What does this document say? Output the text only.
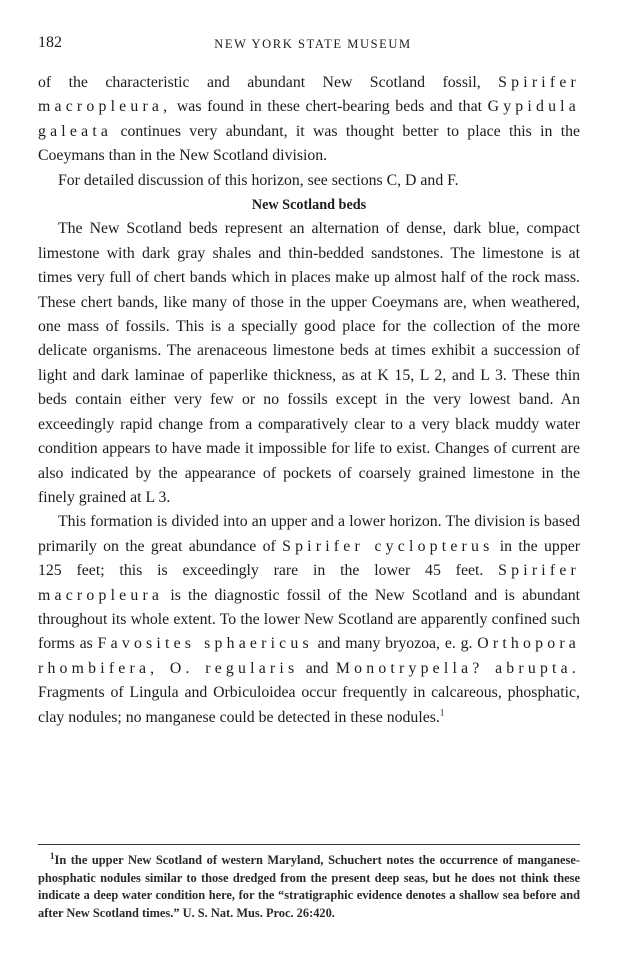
182	NEW YORK STATE MUSEUM

of the characteristic and abundant New Scotland fossil, Spirifer macropleura, was found in these chert-bearing beds and that Gypidula galeata continues very abundant, it was thought better to place this in the Coeymans than in the New Scotland division.

For detailed discussion of this horizon, see sections C, D and F.

New Scotland beds

The New Scotland beds represent an alternation of dense, dark blue, compact limestone with dark gray shales and thin-bedded sandstones. The limestone is at times very full of chert bands which in places make up almost half of the rock mass. These chert bands, like many of those in the upper Coeymans are, when weathered, one mass of fossils. This is a specially good place for the collection of the more delicate organisms. The arenaceous limestone beds at times exhibit a succession of light and dark laminae of paperlike thickness, as at K 15, L 2, and L 3. These thin beds contain either very few or no fossils except in the very lowest band. An exceedingly rapid change from a comparatively clear to a very black muddy water condition appears to have made it impossible for life to exist. Changes of current are also indicated by the appearance of pockets of coarsely grained limestone in the finely grained at L 3.

This formation is divided into an upper and a lower horizon. The division is based primarily on the great abundance of Spirifer cyclopterus in the upper 125 feet; this is exceedingly rare in the lower 45 feet. Spirifer macropleura is the diagnostic fossil of the New Scotland and is abundant throughout its whole extent. To the lower New Scotland are apparently confined such forms as Favosites sphaericus and many bryozoa, e. g. Orthopora rhombifera, O. regularis and Monotrypella? abrupta. Fragments of Lingula and Orbiculoidea occur frequently in calcareous, phosphatic, clay nodules; no manganese could be detected in these nodules.$^1$

$^1$In the upper New Scotland of western Maryland, Schuchert notes the occurrence of manganese-phosphatic nodules similar to those dredged from the present deep seas, but he does not think these indicate a deep water condition here, for the “stratigraphic evidence denotes a shallow sea before and after New Scotland times.” U. S. Nat. Mus. Proc. 26:420.
